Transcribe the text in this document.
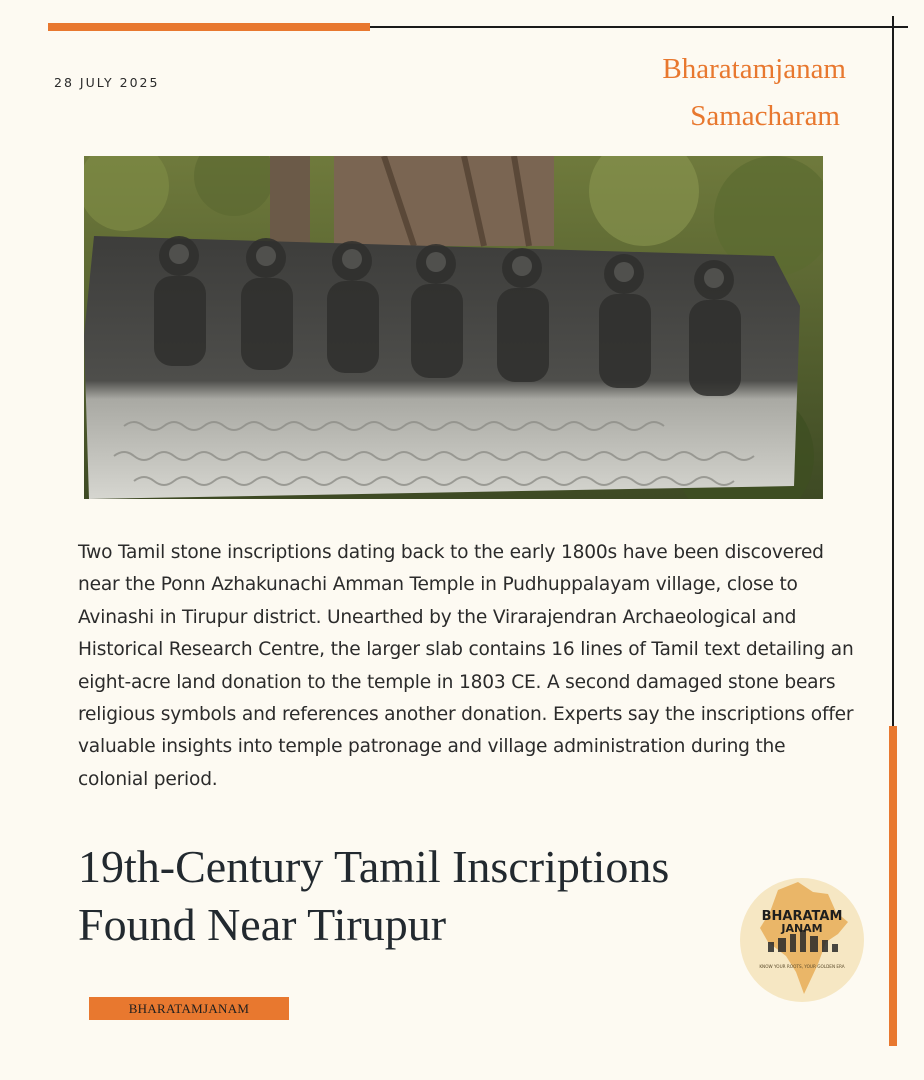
28 JULY 2025	Bharatamjanam
Samacharam
Two Tamil stone inscriptions dating back to the early 1800s have been discovered near the Ponn Azhakunachi Amman Temple in Pudhuppalayam village, close to Avinashi in Tirupur district. Unearthed by the Virarajendran Archaeological and Historical Research Centre, the larger slab contains 16 lines of Tamil text detailing an eight-acre land donation to the temple in 1803 CE. A second damaged stone bears religious symbols and references another donation. Experts say the inscriptions offer valuable insights into temple patronage and village administration during the colonial period.
19th-Century Tamil Inscriptions Found Near Tirupur
BHARATAMJANAM
BHARATAM
JANAM
KNOW YOUR ROOTS, YOUR GOLDEN ERA
